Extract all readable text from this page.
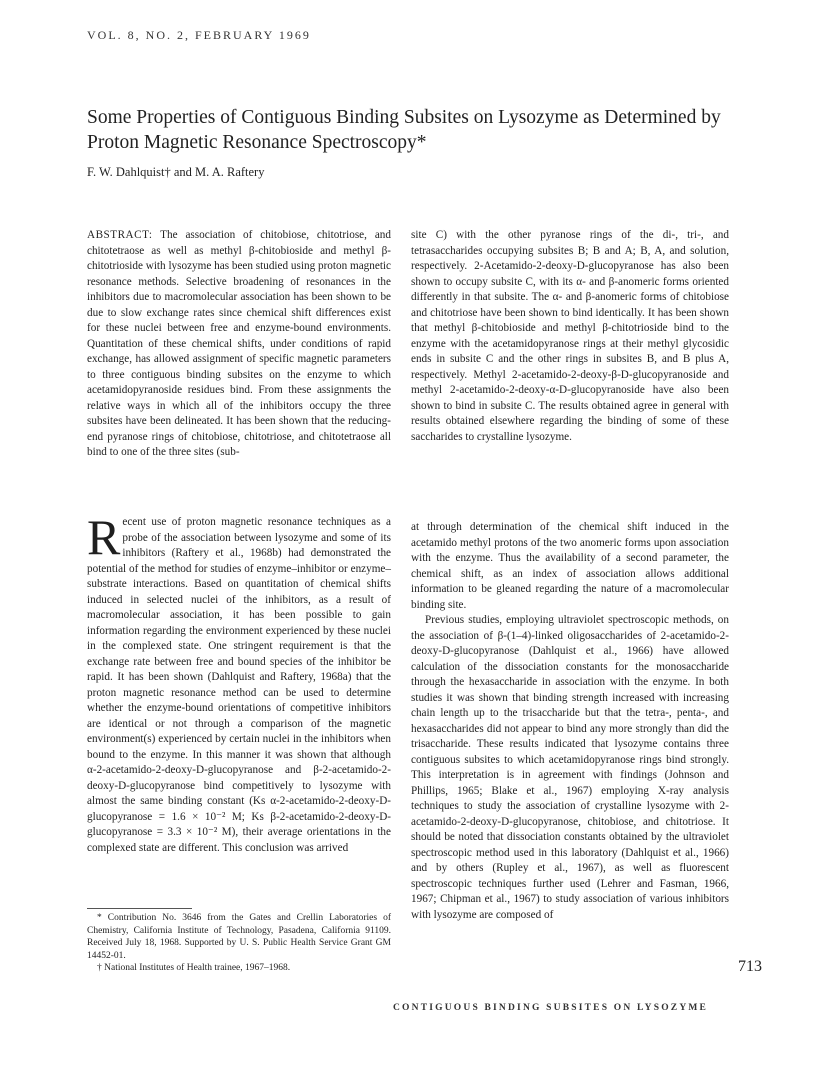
VOL. 8, NO. 2, FEBRUARY 1969
Some Properties of Contiguous Binding Subsites on Lysozyme as Determined by Proton Magnetic Resonance Spectroscopy*
F. W. Dahlquist† and M. A. Raftery

ABSTRACT: The association of chitobiose, chitotriose, and chitotetraose as well as methyl β-chitobioside and methyl β-chitotrioside with lysozyme has been studied using proton magnetic resonance methods. Selective broadening of resonances in the inhibitors due to macromolecular association has been shown to be due to slow exchange rates since chemical shift differences exist for these nuclei between free and enzyme-bound environments. Quantitation of these chemical shifts, under conditions of rapid exchange, has allowed assignment of specific magnetic parameters to three contiguous binding subsites on the enzyme to which acetamidopyranoside residues bind. From these assignments the relative ways in which all of the inhibitors occupy the three subsites have been delineated. It has been shown that the reducing-end pyranose rings of chitobiose, chitotriose, and chitotetraose all bind to one of the three sites (sub-

site C) with the other pyranose rings of the di-, tri-, and tetrasaccharides occupying subsites B; B and A; B, A, and solution, respectively. 2-Acetamido-2-deoxy-D-glucopyranose has also been shown to occupy subsite C, with its α- and β-anomeric forms oriented differently in that subsite. The α- and β-anomeric forms of chitobiose and chitotriose have been shown to bind identically. It has been shown that methyl β-chitobioside and methyl β-chitotrioside bind to the enzyme with the acetamidopyranose rings at their methyl glycosidic ends in subsite C and the other rings in subsites B, and B plus A, respectively. Methyl 2-acetamido-2-deoxy-β-D-glucopyranoside and methyl 2-acetamido-2-deoxy-α-D-glucopyranoside have also been shown to bind in subsite C. The results obtained agree in general with results obtained elsewhere regarding the binding of some of these saccharides to crystalline lysozyme.

Recent use of proton magnetic resonance techniques as a probe of the association between lysozyme and some of its inhibitors (Raftery et al., 1968b) had demonstrated the potential of the method for studies of enzyme–inhibitor or enzyme–substrate interactions. Based on quantitation of chemical shifts induced in selected nuclei of the inhibitors, as a result of macromolecular association, it has been possible to gain information regarding the environment experienced by these nuclei in the complexed state. One stringent requirement is that the exchange rate between free and bound species of the inhibitor be rapid. It has been shown (Dahlquist and Raftery, 1968a) that the proton magnetic resonance method can be used to determine whether the enzyme-bound orientations of competitive inhibitors are identical or not through a comparison of the magnetic environment(s) experienced by certain nuclei in the inhibitors when bound to the enzyme. In this manner it was shown that although α-2-acetamido-2-deoxy-D-glucopyranose and β-2-acetamido-2-deoxy-D-glucopyranose bind competitively to lysozyme with almost the same binding constant (Ks α-2-acetamido-2-deoxy-D-glucopyranose = 1.6 × 10⁻² M; Ks β-2-acetamido-2-deoxy-D-glucopyranose = 3.3 × 10⁻² M), their average orientations in the complexed state are different. This conclusion was arrived

at through determination of the chemical shift induced in the acetamido methyl protons of the two anomeric forms upon association with the enzyme. Thus the availability of a second parameter, the chemical shift, as an index of association allows additional information to be gleaned regarding the nature of a macromolecular binding site.

Previous studies, employing ultraviolet spectroscopic methods, on the association of β-(1–4)-linked oligosaccharides of 2-acetamido-2-deoxy-D-glucopyranose (Dahlquist et al., 1966) have allowed calculation of the dissociation constants for the monosaccharide through the hexasaccharide in association with the enzyme. In both studies it was shown that binding strength increased with increasing chain length up to the trisaccharide but that the tetra-, penta-, and hexasaccharides did not appear to bind any more strongly than did the trisaccharide. These results indicated that lysozyme contains three contiguous subsites to which acetamidopyranose rings bind strongly. This interpretation is in agreement with findings (Johnson and Phillips, 1965; Blake et al., 1967) employing X-ray analysis techniques to study the association of crystalline lysozyme with 2-acetamido-2-deoxy-D-glucopyranose, chitobiose, and chitotriose. It should be noted that dissociation constants obtained by the ultraviolet spectroscopic method used in this laboratory (Dahlquist et al., 1966) and by others (Rupley et al., 1967), as well as fluorescent spectroscopic techniques further used (Lehrer and Fasman, 1966, 1967; Chipman et al., 1967) to study association of various inhibitors with lysozyme are composed of

* Contribution No. 3646 from the Gates and Crellin Laboratories of Chemistry, California Institute of Technology, Pasadena, California 91109. Received July 18, 1968. Supported by U. S. Public Health Service Grant GM 14452-01.

† National Institutes of Health trainee, 1967–1968.	713
CONTIGUOUS BINDING SUBSITES ON LYSOZYME
